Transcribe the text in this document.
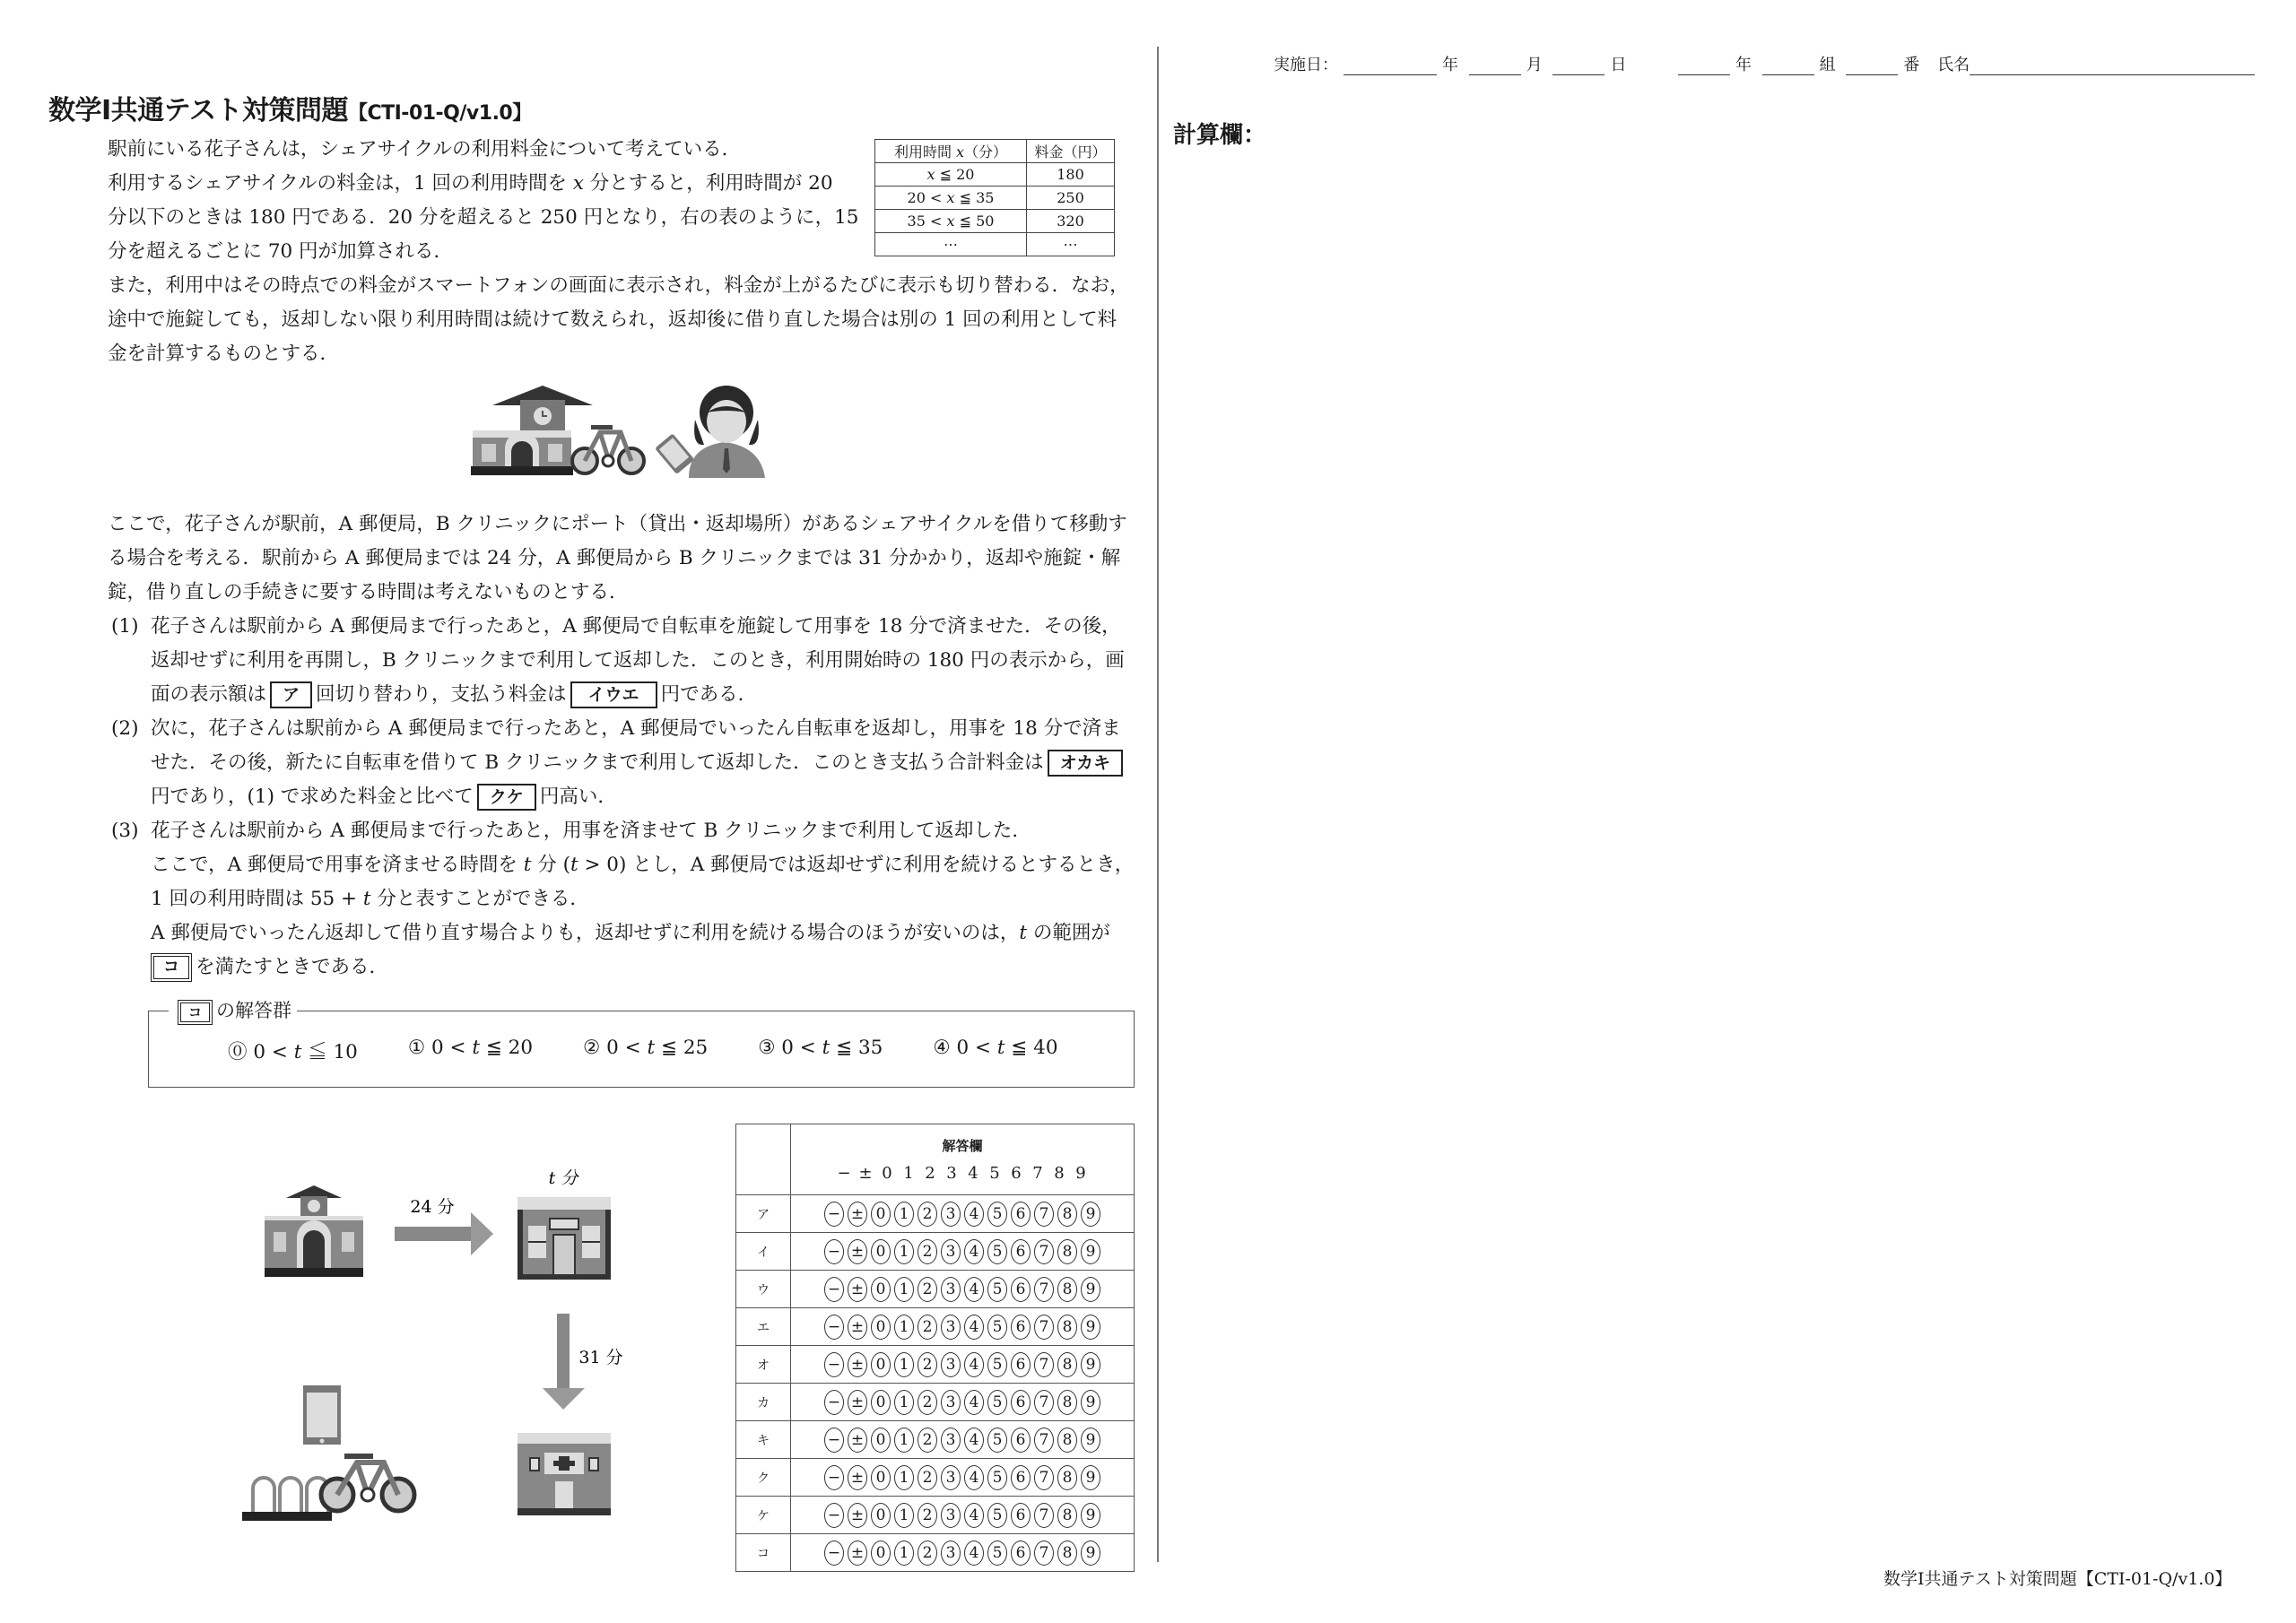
数学Ⅰ共通テスト対策問題【CTI-01-Q/v1.0】
実施日：	年	月	日	年	組	番 氏名
計算欄：
駅前にいる花子さんは，シェアサイクルの利用料金について考えている．
利用するシェアサイクルの料金は，1 回の利用時間を 𝑥 分とすると，利用時間が 20
分以下のときは 180 円である．20 分を超えると 250 円となり，右の表のように，15
分を超えるごとに 70 円が加算される．
また，利用中はその時点での料金がスマートフォンの画面に表示され，料金が上がるたびに表示も切り替わる．なお，
途中で施錠しても，返却しない限り利用時間は続けて数えられ，返却後に借り直した場合は別の 1 回の利用として料
金を計算するものとする．
利用時間 𝑥（分）	料金（円）
𝑥 ≦ 20	180
20 < 𝑥 ≦ 35	250
35 < 𝑥 ≦ 50	320
⋯	⋯
ここで，花子さんが駅前，A 郵便局，B クリニックにポート（貸出・返却場所）があるシェアサイクルを借りて移動す
る場合を考える．駅前から A 郵便局までは 24 分，A 郵便局から B クリニックまでは 31 分かかり，返却や施錠・解
錠，借り直しの手続きに要する時間は考えないものとする．
(1) 花子さんは駅前から A 郵便局まで行ったあと，A 郵便局で自転車を施錠して用事を 18 分で済ませた．その後，
返却せずに利用を再開し，B クリニックまで利用して返却した．このとき，利用開始時の 180 円の表示から，画
面の表示額は ア 回切り替わり，支払う料金は イウエ 円である．
(2) 次に，花子さんは駅前から A 郵便局まで行ったあと，A 郵便局でいったん自転車を返却し，用事を 18 分で済ま
せた．その後，新たに自転車を借りて B クリニックまで利用して返却した．このとき支払う合計料金は オカキ
円であり，(1) で求めた料金と比べて クケ 円高い．
(3) 花子さんは駅前から A 郵便局まで行ったあと，用事を済ませて B クリニックまで利用して返却した．
ここで，A 郵便局で用事を済ませる時間を 𝑡 分 (𝑡 > 0) とし，A 郵便局では返却せずに利用を続けるとするとき，
1 回の利用時間は 55 + 𝑡 分と表すことができる．
A 郵便局でいったん返却して借り直す場合よりも，返却せずに利用を続ける場合のほうが安いのは，𝑡 の範囲が
コ を満たすときである．
コ の解答群
⓪ 0 < 𝑡 ≦ 10	① 0 < 𝑡 ≦ 20	② 0 < 𝑡 ≦ 25	③ 0 < 𝑡 ≦ 35	④ 0 < 𝑡 ≦ 40
24 分
𝑡 分
31 分

	解答欄
− ± 0 1 2 3 4 5 6 7 8 9

ア	− ± 0 1 2 3 4 5 6 7 8 9
イ	− ± 0 1 2 3 4 5 6 7 8 9
ウ	− ± 0 1 2 3 4 5 6 7 8 9
エ	− ± 0 1 2 3 4 5 6 7 8 9
オ	− ± 0 1 2 3 4 5 6 7 8 9
カ	− ± 0 1 2 3 4 5 6 7 8 9
キ	− ± 0 1 2 3 4 5 6 7 8 9
ク	− ± 0 1 2 3 4 5 6 7 8 9
ケ	− ± 0 1 2 3 4 5 6 7 8 9
コ	− ± 0 1 2 3 4 5 6 7 8 9
数学Ⅰ共通テスト対策問題【CTI-01-Q/v1.0】
